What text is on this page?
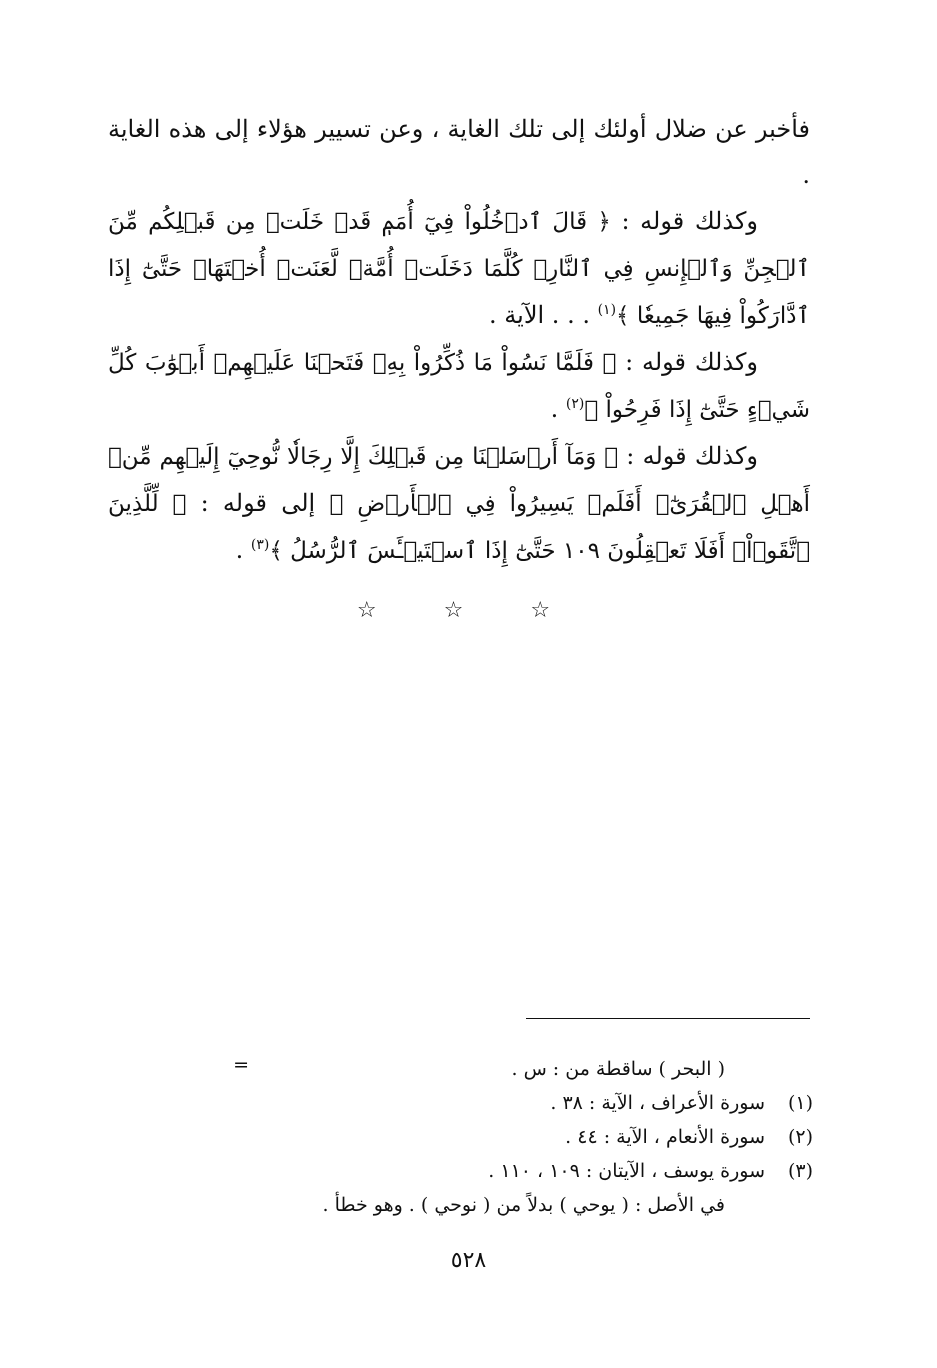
فأخبر عن ضلال أولئك إلى تلك الغاية ، وعن تسيير هؤلاء إلى هذه الغاية .

وكذلك قوله : ﴿ قَالَ ٱدۡخُلُواْ فِيٓ أُمَمٖ قَدۡ خَلَتۡ مِن قَبۡلِكُم مِّنَ ٱلۡجِنِّ وَٱلۡإِنسِ فِي ٱلنَّارِۖ كُلَّمَا دَخَلَتۡ أُمَّةٞ لَّعَنَتۡ أُخۡتَهَاۖ حَتَّىٰٓ إِذَا ٱدَّارَكُواْ فِيهَا جَمِيعٗا ﴾$^{(١)}$ . . . الآية .

وكذلك قوله : ﴿ فَلَمَّا نَسُواْ مَا ذُكِّرُواْ بِهِۦ فَتَحۡنَا عَلَيۡهِمۡ أَبۡوَٰبَ كُلِّ شَيۡءٍ حَتَّىٰٓ إِذَا فَرِحُواْ ﴾$^{(٢)}$ .

وكذلك قوله : ﴿ وَمَآ أَرۡسَلۡنَا مِن قَبۡلِكَ إِلَّا رِجَالٗا نُّوحِيٓ إِلَيۡهِم مِّنۡ أَهۡلِ ٱلۡقُرَىٰٓۗ أَفَلَمۡ يَسِيرُواْ فِي ٱلۡأَرۡضِ ﴾ إلى قوله : ﴿ لِّلَّذِينَ ٱتَّقَوۡاْۚ أَفَلَا تَعۡقِلُونَ ١٠٩ حَتَّىٰٓ إِذَا ٱسۡتَيۡـَٔسَ ٱلرُّسُلُ ﴾$^{(٣)}$ .

☆ ☆ ☆
=	( البحر ) ساقطة من : س .
(١)سورة الأعراف ، الآية : ٣٨ .
(٢)سورة الأنعام ، الآية : ٤٤ .
(٣)سورة يوسف ، الآيتان : ١٠٩ ، ١١٠ .
في الأصل : ( يوحي ) بدلاً من ( نوحي ) . وهو خطأ .
٥٢٨
